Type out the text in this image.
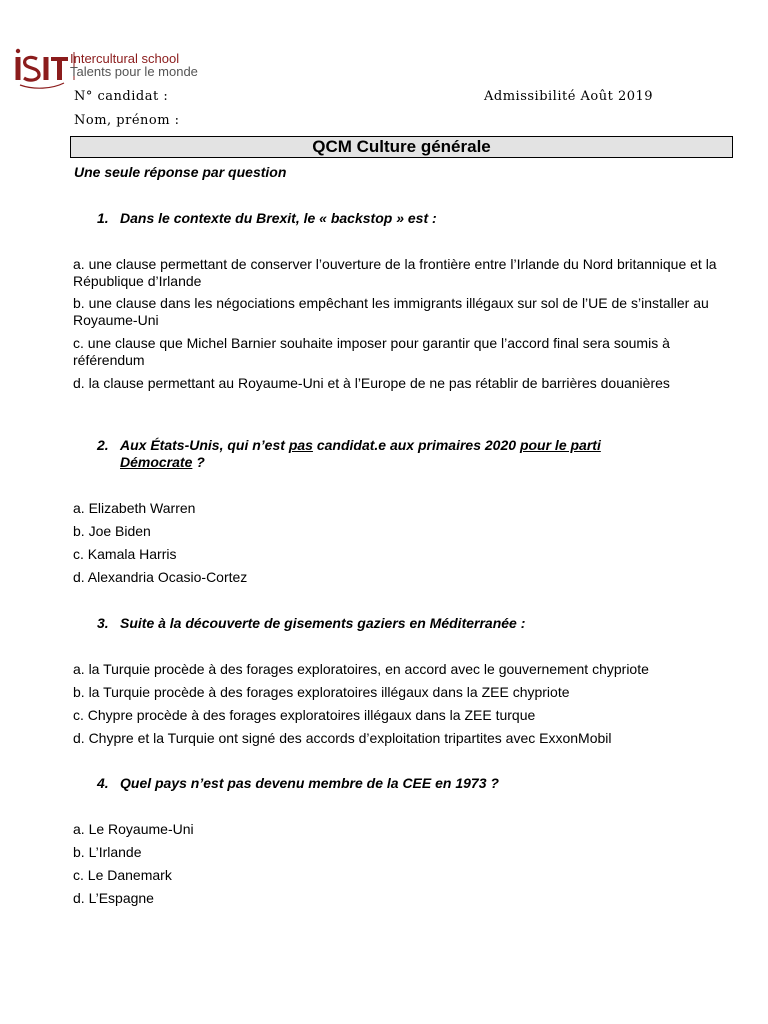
Intercultural school
Talents pour le monde
N° candidat :	Admissibilité Août 2019
Nom, prénom :
QCM Culture générale
Une seule réponse par question
1. Dans le contexte du Brexit, le « backstop » est :
a. une clause permettant de conserver l’ouverture de la frontière entre l’Irlande du Nord britannique et la République d’Irlande
b. une clause dans les négociations empêchant les immigrants illégaux sur sol de l’UE de s’installer au Royaume-Uni
c. une clause que Michel Barnier souhaite imposer pour garantir que l’accord final sera soumis à référendum
d. la clause permettant au Royaume-Uni et à l’Europe de ne pas rétablir de barrières douanières
2. Aux États-Unis, qui n’est pas candidat.e aux primaires 2020 pour le parti
Démocrate ?
a. Elizabeth Warren
b. Joe Biden
c. Kamala Harris
d. Alexandria Ocasio-Cortez
3. Suite à la découverte de gisements gaziers en Méditerranée :
a. la Turquie procède à des forages exploratoires, en accord avec le gouvernement chypriote
b. la Turquie procède à des forages exploratoires illégaux dans la ZEE chypriote
c. Chypre procède à des forages exploratoires illégaux dans la ZEE turque
d. Chypre et la Turquie ont signé des accords d’exploitation tripartites avec ExxonMobil
4. Quel pays n’est pas devenu membre de la CEE en 1973 ?
a. Le Royaume-Uni
b. L’Irlande
c. Le Danemark
d. L’Espagne
